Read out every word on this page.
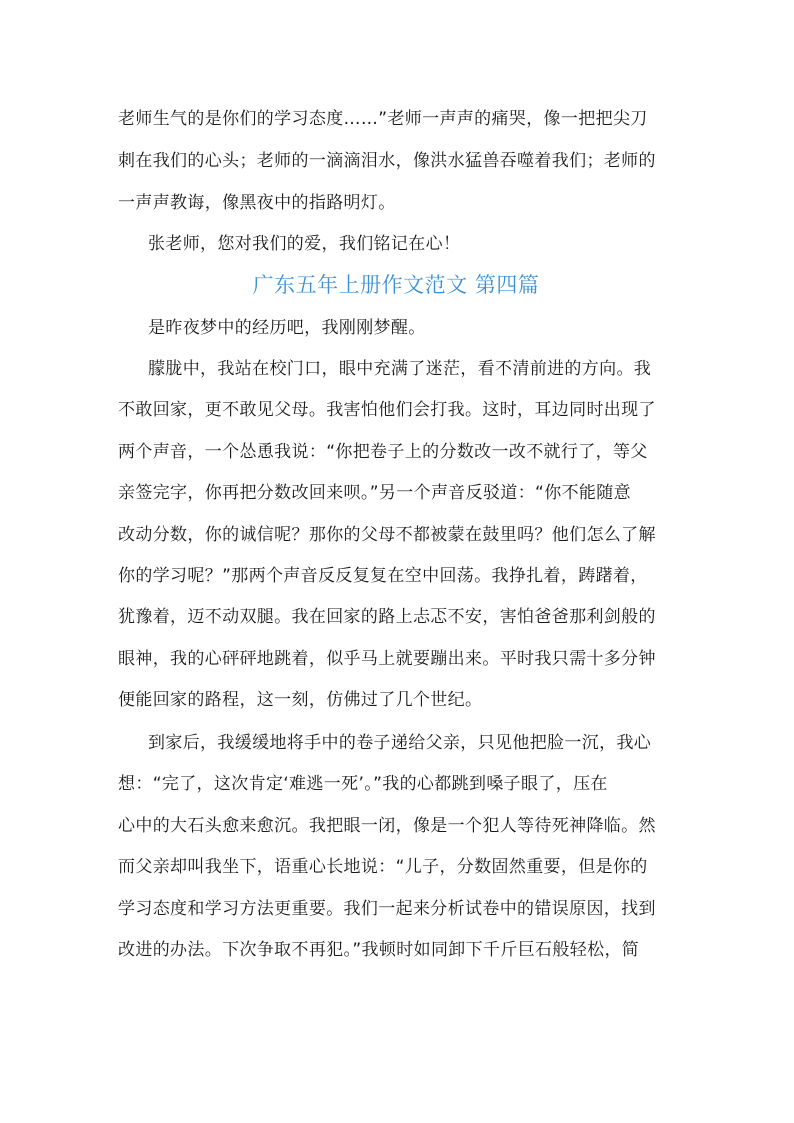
老师生气的是你们的学习态度……”老师一声声的痛哭，像一把把尖刀
刺在我们的心头；老师的一滴滴泪水，像洪水猛兽吞噬着我们；老师的
一声声教诲，像黑夜中的指路明灯。
张老师，您对我们的爱，我们铭记在心！
广东五年上册作文范文 第四篇
是昨夜梦中的经历吧，我刚刚梦醒。
朦胧中，我站在校门口，眼中充满了迷茫，看不清前进的方向。我
不敢回家，更不敢见父母。我害怕他们会打我。这时，耳边同时出现了
两个声音，一个怂恿我说：“你把卷子上的分数改一改不就行了，等父
亲签完字，你再把分数改回来呗。”另一个声音反驳道：“你不能随意
改动分数，你的诚信呢？那你的父母不都被蒙在鼓里吗？他们怎么了解
你的学习呢？”那两个声音反反复复在空中回荡。我挣扎着，踌躇着，
犹豫着，迈不动双腿。我在回家的路上忐忑不安，害怕爸爸那利剑般的
眼神，我的心砰砰地跳着，似乎马上就要蹦出来。平时我只需十多分钟
便能回家的路程，这一刻，仿佛过了几个世纪。
到家后，我缓缓地将手中的卷子递给父亲，只见他把脸一沉，我心
想：“完了，这次肯定‘难逃一死’。”我的心都跳到嗓子眼了，压在
心中的大石头愈来愈沉。我把眼一闭，像是一个犯人等待死神降临。然
而父亲却叫我坐下，语重心长地说：“儿子，分数固然重要，但是你的
学习态度和学习方法更重要。我们一起来分析试卷中的错误原因，找到
改进的办法。下次争取不再犯。”我顿时如同卸下千斤巨石般轻松，简
